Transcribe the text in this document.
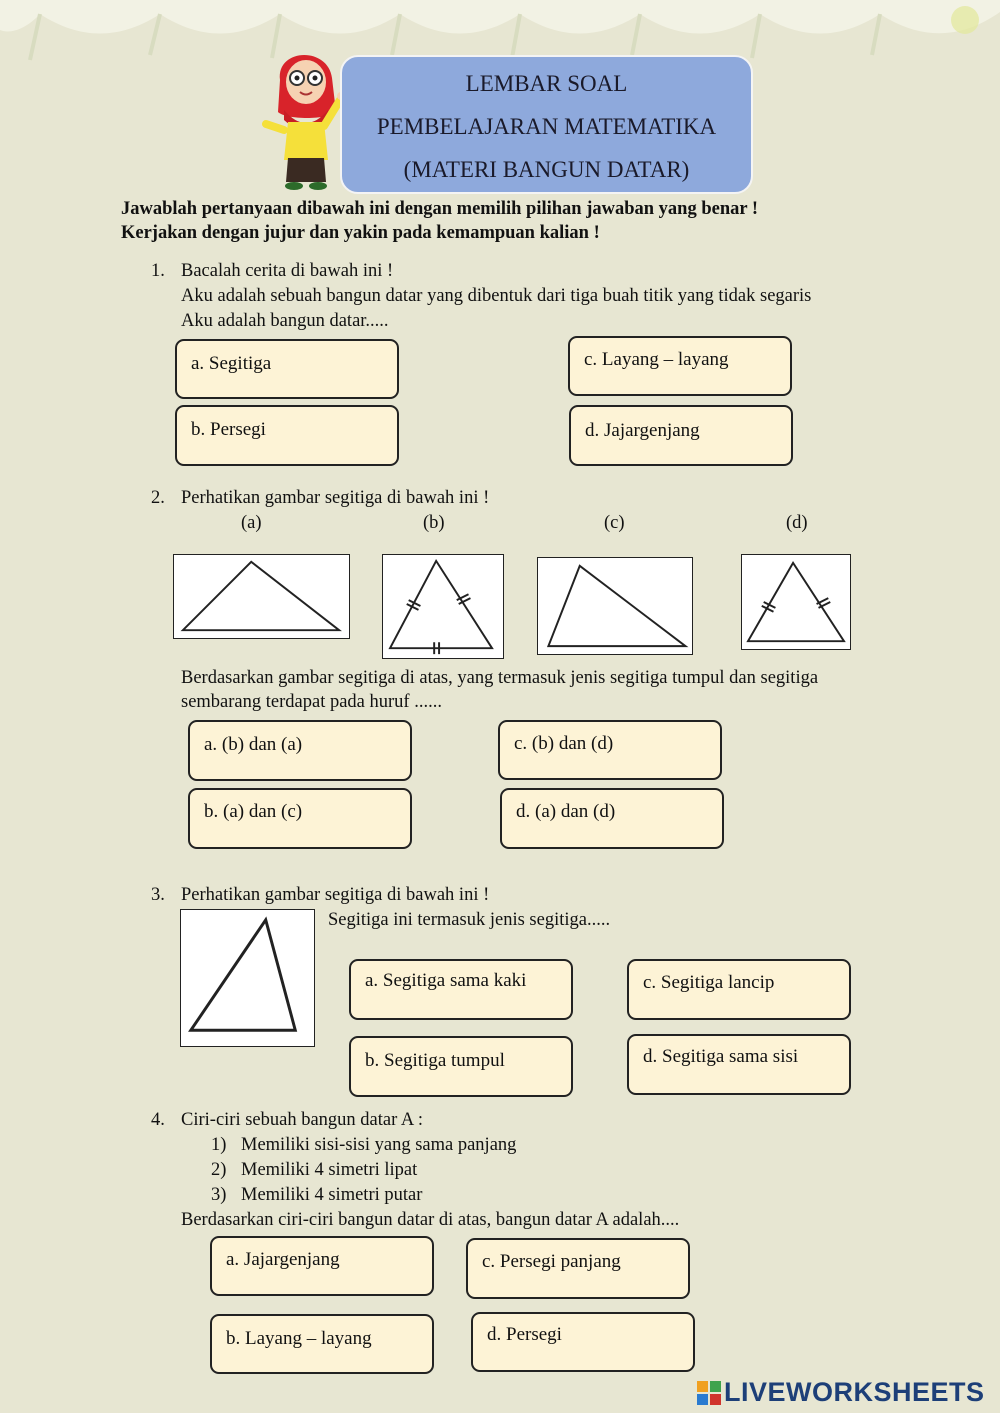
LEMBAR SOAL
PEMBELAJARAN MATEMATIKA
(MATERI BANGUN DATAR)
Jawablah pertanyaan dibawah ini dengan memilih pilihan jawaban yang benar !
Kerjakan dengan jujur dan yakin pada kemampuan kalian !
1. Bacalah cerita di bawah ini !
Aku adalah sebuah bangun datar yang dibentuk dari tiga buah titik yang tidak segaris
Aku adalah bangun datar.....
a. Segitiga
b. Persegi
c. Layang – layang
d. Jajargenjang
2. Perhatikan gambar segitiga di bawah ini !
(a)	(b)	(c)	(d)
Berdasarkan gambar segitiga di atas, yang termasuk jenis segitiga tumpul dan segitiga
sembarang terdapat pada huruf ......
a. (b) dan (a)
b. (a) dan (c)
c. (b) dan (d)
d. (a) dan (d)
3. Perhatikan gambar segitiga di bawah ini !
Segitiga ini termasuk jenis segitiga.....
a. Segitiga sama kaki
b. Segitiga tumpul
c. Segitiga lancip
d. Segitiga sama sisi
4. Ciri-ciri sebuah bangun datar A :
1) Memiliki sisi-sisi yang sama panjang
2) Memiliki 4 simetri lipat
3) Memiliki 4 simetri putar
Berdasarkan ciri-ciri bangun datar di atas, bangun datar A adalah....
a. Jajargenjang
b. Layang – layang
c. Persegi panjang
d. Persegi
LIVEWORKSHEETS
